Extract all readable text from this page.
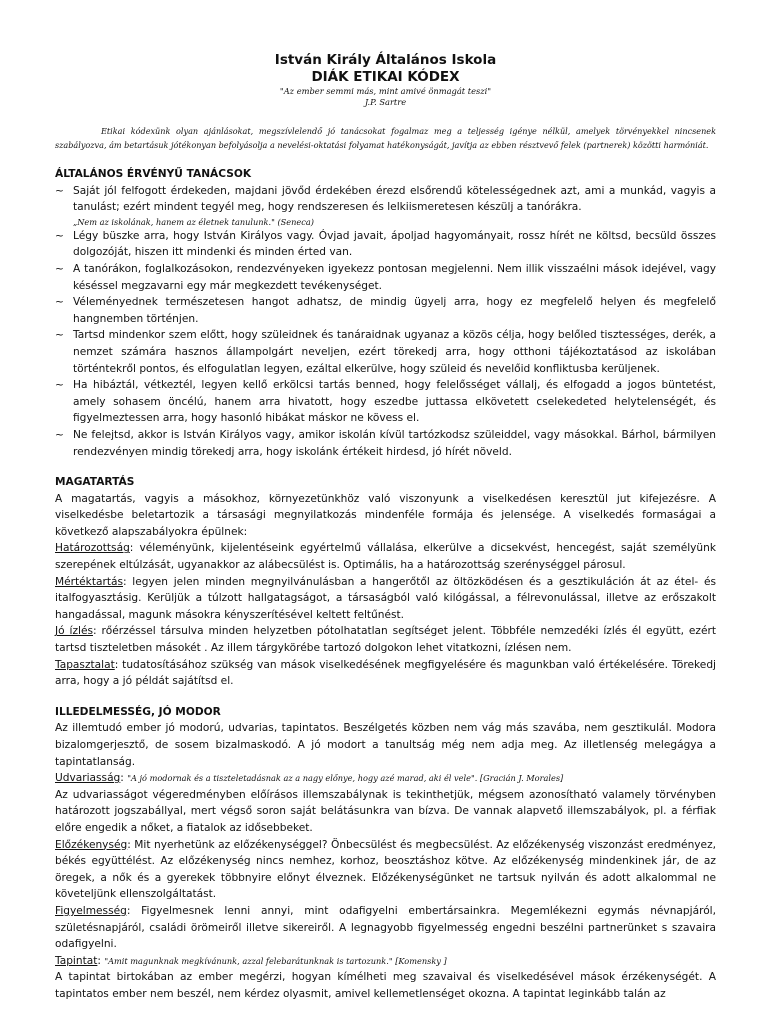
István Király Általános Iskola
DIÁK ETIKAI KÓDEX
"Az ember semmi más, mint amivé önmagát teszi"
J.P. Sartre

Etikai kódexünk olyan ajánlásokat, megszívlelendő jó tanácsokat fogalmaz meg a teljesség igénye nélkül, amelyek törvényekkel nincsenek szabályozva, ám betartásuk jótékonyan befolyásolja a nevelési-oktatási folyamat hatékonyságát, javítja az ebben résztvevő felek (partnerek) közötti harmóniát.

ÁLTALÁNOS ÉRVÉNYŰ TANÁCSOK
~ Saját jól felfogott érdekeden, majdani jövőd érdekében érezd elsőrendű kötelességednek azt, ami a munkád, vagyis a tanulást; ezért mindent tegyél meg, hogy rendszeresen és lelkiismeretesen készülj a tanórákra.
„Nem az iskolának, hanem az életnek tanulunk." (Seneca)
~ Légy büszke arra, hogy István Királyos vagy. Óvjad javait, ápoljad hagyományait, rossz hírét ne költsd, becsüld összes dolgozóját, hiszen itt mindenki és minden érted van.
~ A tanórákon, foglalkozásokon, rendezvényeken igyekezz pontosan megjelenni. Nem illik visszaélni mások idejével, vagy késéssel megzavarni egy már megkezdett tevékenységet.
~ Véleményednek természetesen hangot adhatsz, de mindig ügyelj arra, hogy ez megfelelő helyen és megfelelő hangnemben történjen.
~ Tartsd mindenkor szem előtt, hogy szüleidnek és tanáraidnak ugyanaz a közös célja, hogy belőled tisztességes, derék, a nemzet számára hasznos állampolgárt neveljen, ezért törekedj arra, hogy otthoni tájékoztatásod az iskolában történtekről pontos, és elfogulatlan legyen, ezáltal elkerülve, hogy szüleid és nevelőid konfliktusba kerüljenek.
~ Ha hibáztál, vétkeztél, legyen kellő erkölcsi tartás benned, hogy felelősséget vállalj, és elfogadd a jogos büntetést, amely sohasem öncélú, hanem arra hivatott, hogy eszedbe juttassa elkövetett cselekedeted helytelenségét, és figyelmeztessen arra, hogy hasonló hibákat máskor ne kövess el.
~ Ne felejtsd, akkor is István Királyos vagy, amikor iskolán kívül tartózkodsz szüleiddel, vagy másokkal. Bárhol, bármilyen rendezvényen mindig törekedj arra, hogy iskolánk értékeit hirdesd, jó hírét növeld.
MAGATARTÁS

A magatartás, vagyis a másokhoz, környezetünkhöz való viszonyunk a viselkedésen keresztül jut kifejezésre. A viselkedésbe beletartozik a társasági megnyilatkozás mindenféle formája és jelensége. A viselkedés formaságai a következő alapszabályokra épülnek:

Határozottság: véleményünk, kijelentéseink egyértelmű vállalása, elkerülve a dicsekvést, hencegést, saját személyünk szerepének eltúlzását, ugyanakkor az alábecsülést is. Optimális, ha a határozottság szerénységgel párosul.

Mértéktartás: legyen jelen minden megnyilvánulásban a hangerőtől az öltözködésen és a gesztikuláción át az étel- és italfogyasztásig. Kerüljük a túlzott hallgatagságot, a társaságból való kilógással, a félrevonulással, illetve az erőszakolt hangadással, magunk másokra kényszerítésével keltett feltűnést.

Jó ízlés: rőérzéssel társulva minden helyzetben pótolhatatlan segítséget jelent. Többféle nemzedéki ízlés él együtt, ezért tartsd tiszteletben másokét . Az illem tárgykörébe tartozó dolgokon lehet vitatkozni, ízlésen nem.

Tapasztalat: tudatosításához szükség van mások viselkedésének megfigyelésére és magunkban való értékelésére. Törekedj arra, hogy a jó példát sajátítsd el.

ILLEDELMESSÉG, JÓ MODOR

Az illemtudó ember jó modorú, udvarias, tapintatos. Beszélgetés közben nem vág más szavába, nem gesztikulál. Modora bizalomgerjesztő, de sosem bizalmaskodó. A jó modort a tanultság még nem adja meg. Az illetlenség melegágya a tapintatlanság.

Udvariasság: "A jó modornak és a tiszteletadásnak az a nagy előnye, hogy azé marad, aki él vele". [Gracián J. Morales]

Az udvariasságot végeredményben előírásos illemszabálynak is tekinthetjük, mégsem azonosítható valamely törvényben határozott jogszabállyal, mert végső soron saját belátásunkra van bízva. De vannak alapvető illemszabályok, pl. a férfiak előre engedik a nőket, a fiatalok az idősebbeket.

Előzékenység: Mit nyerhetünk az előzékenységgel? Önbecsülést és megbecsülést. Az előzékenység viszonzást eredményez, békés együttélést. Az előzékenység nincs nemhez, korhoz, beosztáshoz kötve. Az előzékenység mindenkinek jár, de az öregek, a nők és a gyerekek többnyire előnyt élveznek. Előzékenységünket ne tartsuk nyilván és adott alkalommal ne követeljünk ellenszolgáltatást.

Figyelmesség: Figyelmesnek lenni annyi, mint odafigyelni embertársainkra. Megemlékezni egymás névnapjáról, születésnapjáról, családi örömeiről illetve sikereiről. A legnagyobb figyelmesség engedni beszélni partnerünket s szavaira odafigyelni.

Tapintat: "Amit magunknak megkívánunk, azzal felebarátunknak is tartozunk." [Komensky ]

A tapintat birtokában az ember megérzi, hogyan kímélheti meg szavaival és viselkedésével mások érzékenységét. A tapintatos ember nem beszél, nem kérdez olyasmit, amivel kellemetlenséget okozna. A tapintat leginkább talán az
